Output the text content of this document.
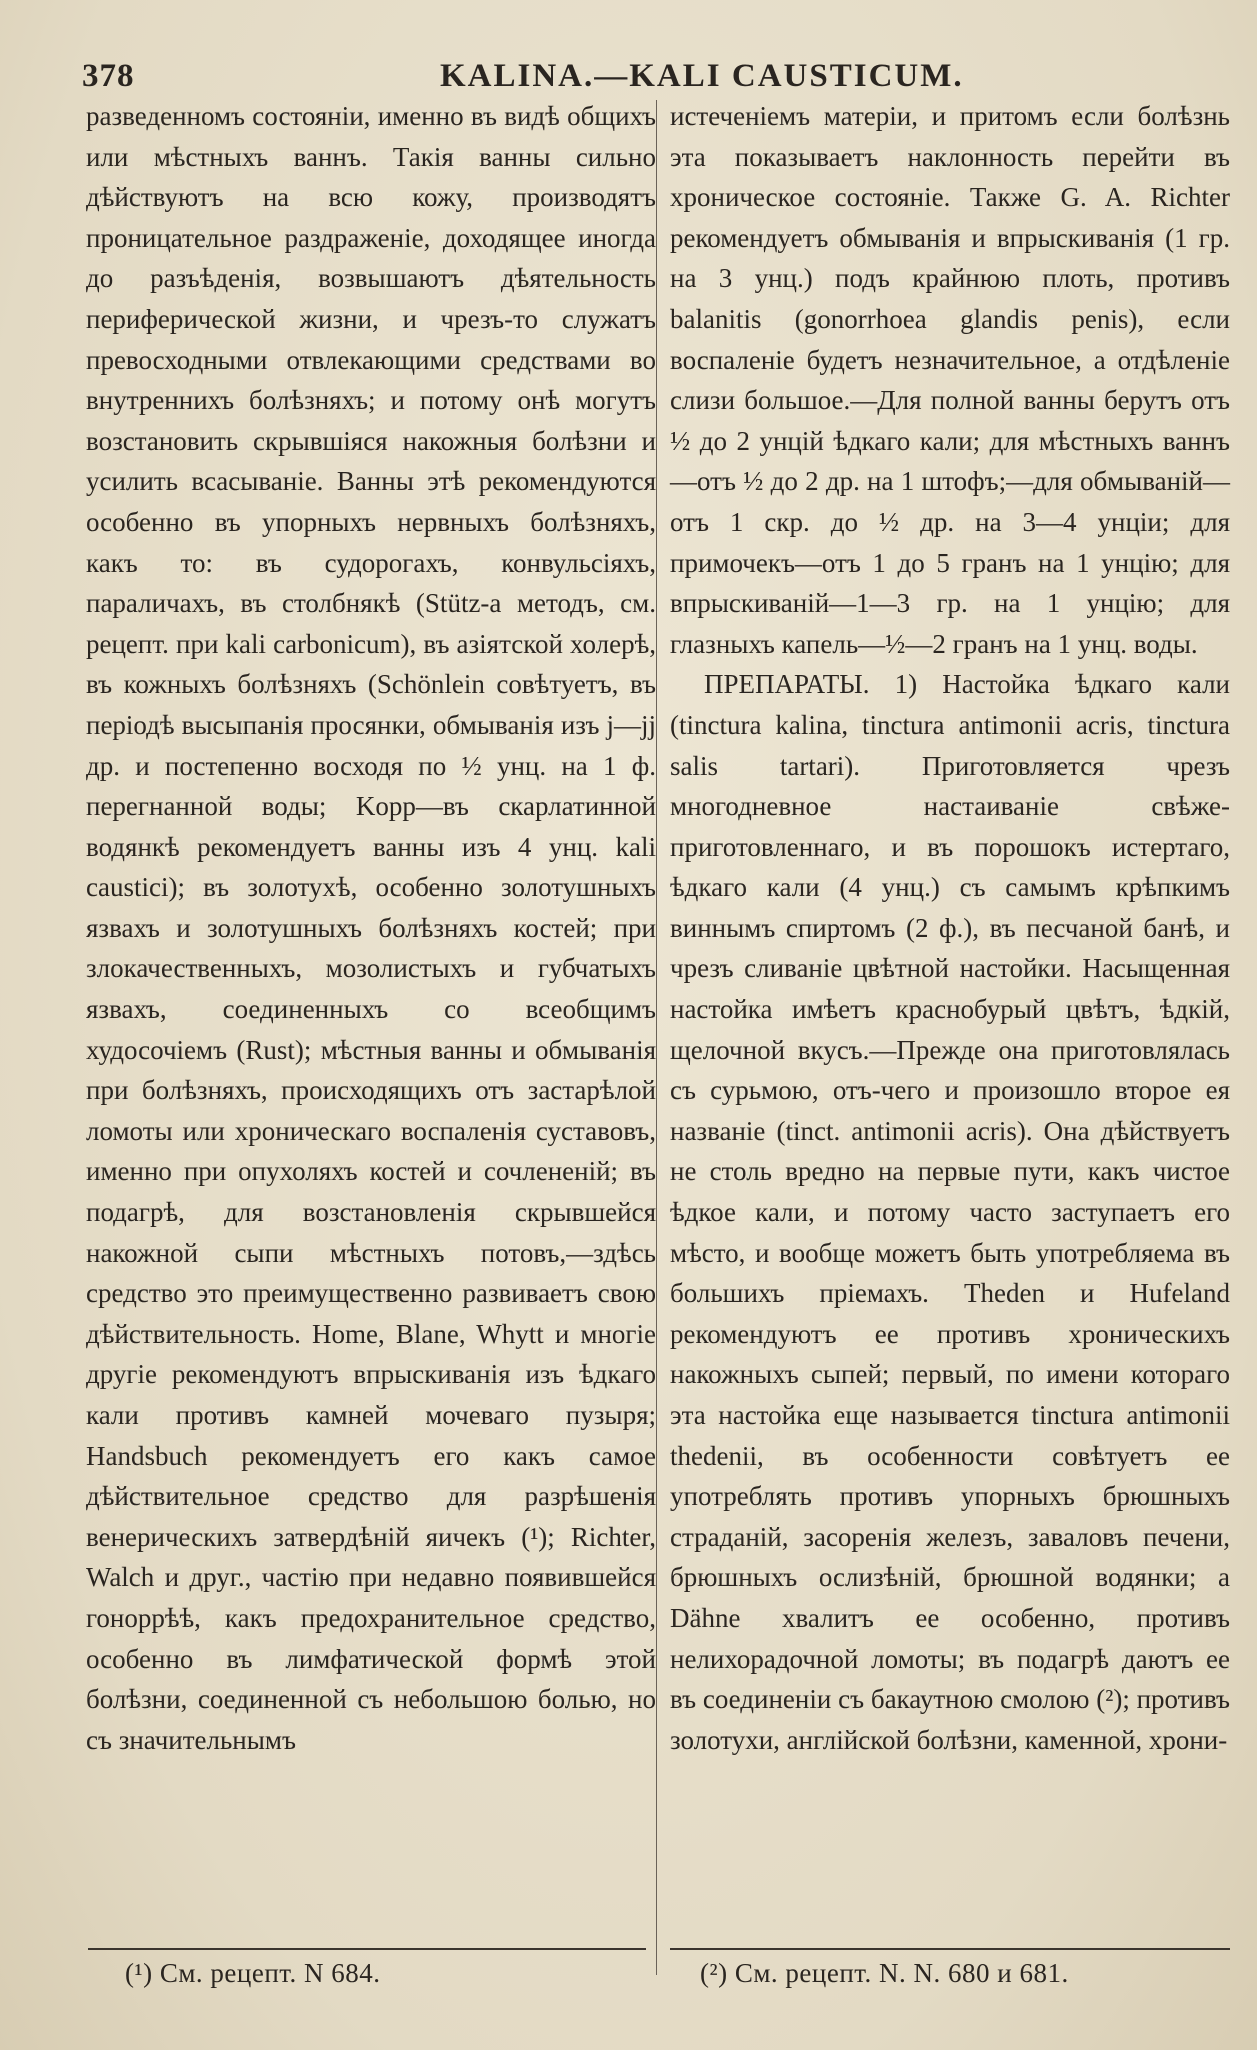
378	KALINA.—KALI CAUSTICUM.

разведенномъ состояніи, именно въ видѣ общихъ или мѣстныхъ ваннъ. Такія ванны сильно дѣйствуютъ на всю кожу, производятъ проницательное раздраженіе, доходящее иногда до разъѣденія, возвышаютъ дѣятельность периферической жизни, и чрезъ-то служатъ превосходными отвлекающими средствами во внутреннихъ болѣзняхъ; и потому онѣ могутъ возстановить скрывшіяся накожныя болѣзни и усилить всасываніе. Ванны этѣ рекомендуются особенно въ упорныхъ нервныхъ болѣзняхъ, какъ то: въ судорогахъ, конвульсіяхъ, параличахъ, въ столбнякѣ (Stütz-а методъ, см. рецепт. при kali carbonicum), въ азіятской холерѣ, въ кожныхъ болѣзняхъ (Schönlein совѣтуетъ, въ періодѣ высыпанія просянки, обмыванія изъ j—jj др. и постепенно восходя по ½ унц. на 1 ф. перегнанной воды; Kopp—въ скарлатинной водянкѣ рекомендуетъ ванны изъ 4 унц. kali caustici); въ золотухѣ, особенно золотушныхъ язвахъ и золотушныхъ болѣзняхъ костей; при злокачественныхъ, мозолистыхъ и губчатыхъ язвахъ, соединенныхъ со всеобщимъ худосочіемъ (Rust); мѣстныя ванны и обмыванія при болѣзняхъ, происходящихъ отъ застарѣлой ломоты или хроническаго воспаленія суставовъ, именно при опухоляхъ костей и сочлененій; въ подагрѣ, для возстановленія скрывшейся накожной сыпи мѣстныхъ потовъ,—здѣсь средство это преимущественно развиваетъ свою дѣйствительность. Home, Blane, Whytt и многіе другіе рекомендуютъ впрыскиванія изъ ѣдкаго кали противъ камней мочеваго пузыря; Handsbuch рекомендуетъ его какъ самое дѣйствительное средство для разрѣшенія венерическихъ затвердѣній яичекъ (¹); Richter, Walch и друг., частію при недавно появившейся гоноррѣѣ, какъ предохранительное средство, особенно въ лимфатической формѣ этой болѣзни, соединенной съ небольшою болью, но съ значительнымъ

истеченіемъ матеріи, и притомъ если болѣзнь эта показываетъ наклонность перейти въ хроническое состояніе. Также G. A. Richter рекомендуетъ обмыванія и впрыскиванія (1 гр. на 3 унц.) подъ крайнюю плоть, противъ balanitis (gonorrhoea glandis penis), если воспаленіе будетъ незначительное, а отдѣленіе слизи большое.—Для полной ванны берутъ отъ ½ до 2 унцій ѣдкаго кали; для мѣстныхъ ваннъ—отъ ½ до 2 др. на 1 штофъ;—для обмываній—отъ 1 скр. до ½ др. на 3—4 унціи; для примочекъ—отъ 1 до 5 гранъ на 1 унцію; для впрыскиваній—1—3 гр. на 1 унцію; для глазныхъ капель—½—2 гранъ на 1 унц. воды.

ПРЕПАРАТЫ. 1) Настойка ѣдкаго кали (tinctura kalina, tinctura antimonii acris, tinctura salis tartari). Приготовляется чрезъ многодневное настаиваніе свѣже-приготовленнаго, и въ порошокъ истертаго, ѣдкаго кали (4 унц.) съ самымъ крѣпкимъ виннымъ спиртомъ (2 ф.), въ песчаной банѣ, и чрезъ сливаніе цвѣтной настойки. Насыщенная настойка имѣетъ краснобурый цвѣтъ, ѣдкій, щелочной вкусъ.—Прежде она приготовлялась съ сурьмою, отъ-чего и произошло второе ея названіе (tinct. antimonii acris). Она дѣйствуетъ не столь вредно на первые пути, какъ чистое ѣдкое кали, и потому часто заступаетъ его мѣсто, и вообще можетъ быть употребляема въ большихъ пріемахъ. Theden и Hufeland рекомендуютъ ее противъ хроническихъ накожныхъ сыпей; первый, по имени котораго эта настойка еще называется tinctura antimonii thedenii, въ особенности совѣтуетъ ее употреблять противъ упорныхъ брюшныхъ страданій, засоренія железъ, заваловъ печени, брюшныхъ ослизѣній, брюшной водянки; а Dähne хвалитъ ее особенно, противъ нелихорадочной ломоты; въ подагрѣ даютъ ее въ соединеніи съ бакаутною смолою (²); противъ золотухи, англійской болѣзни, каменной, хрони-

(¹) См. рецепт. N 684.	(²) См. рецепт. N. N. 680 и 681.
